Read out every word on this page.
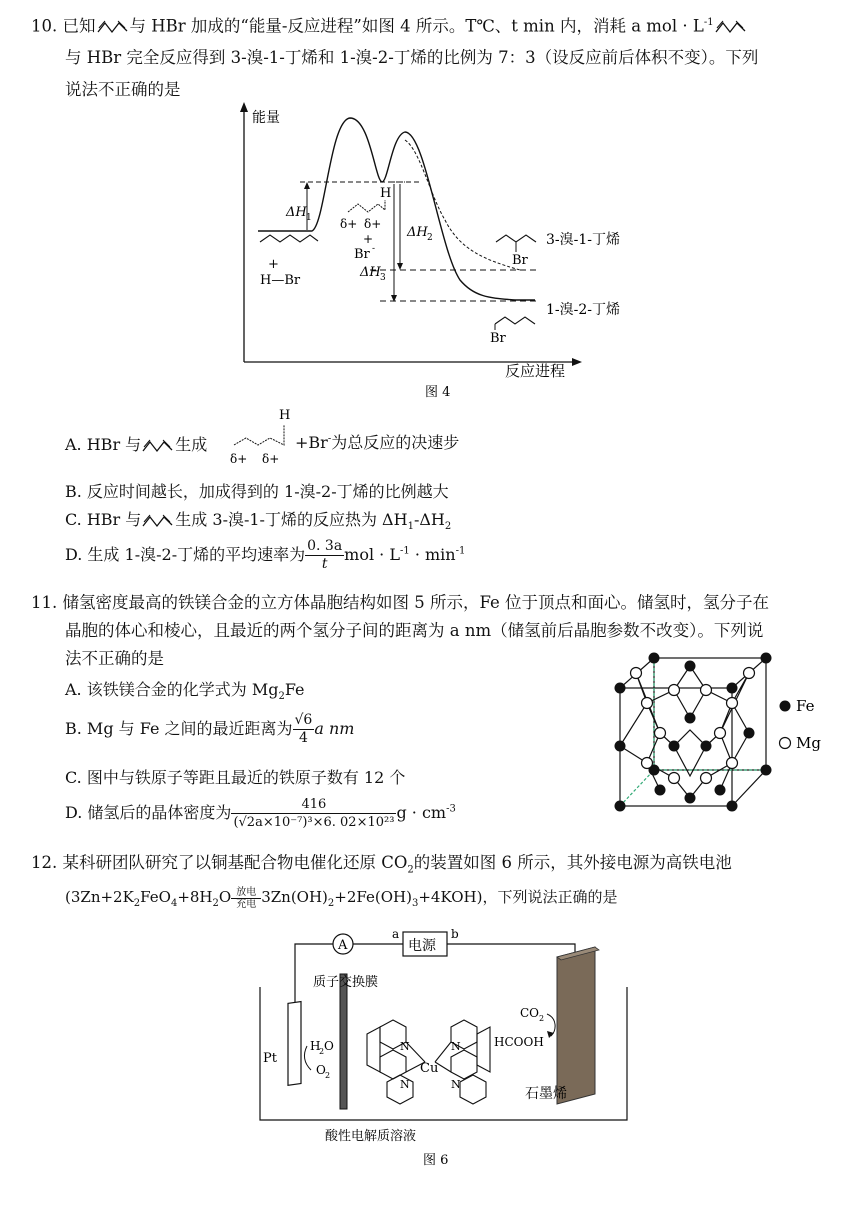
10. 已知 与 HBr 加成的“能量-反应进程”如图 4 所示。T℃、t min 内，消耗 a mol · $L^{-1}$
与 HBr 完全反应得到 3-溴-1-丁烯和 1-溴-2-丁烯的比例为 7：3（设反应前后体积不变）。下列
说法不正确的是
能量
ΔH 1
ΔH 2
ΔH 3
+
H—Br
H
δ+ δ+
+
Br -
Br
3-溴-1-丁烯
Br
1-溴-2-丁烯
反应进程
图 4
A. HBr 与 生成
H
δ+ δ+
+Br-为总反应的决速步
B. 反应时间越长，加成得到的 1-溴-2-丁烯的比例越大
C. HBr 与 生成 3-溴-1-丁烯的反应热为 $\Delta H_1-\Delta H_2$
D. 生成 1-溴-2-丁烯的平均速率为 $\frac{0. 3a}{t}$ mol · $L^{-1} \cdot \min^{-1}$
11. 储氢密度最高的铁镁合金的立方体晶胞结构如图 5 所示，Fe 位于顶点和面心。储氢时，氢分子在
晶胞的体心和棱心，且最近的两个氢分子间的距离为 a nm（储氢前后晶胞参数不改变）。下列说
法不正确的是
A. 该铁镁合金的化学式为 $Mg_2Fe$
B. Mg 与 Fe 之间的最近距离为 $\frac{√6}{4}$ a nm
C. 图中与铁原子等距且最近的铁原子数有 12 个
D. 储氢后的晶体密度为 $\frac{416}{\text{(√2a×10⁻⁷)³×6. 02×10²³}}$ $g \cdot cm^{-3}$
Fe
Mg
12. 某科研团队研究了以铜基配合物电催化还原 $CO_2$的装置如图 6 所示，其外接电源为高铁电池
($3Zn+2K_2FeO_4+8H_2O$ 放电
充电 $3Zn(OH)_2+2Fe(OH)_3+4KOH$)，下列说法正确的是
A	电源
a	b
Pt
H
2 O
O 2
质子交换膜
N
N
N
N
Cu
CO 2
HCOOH
石墨烯
酸性电解质溶液
图 6
